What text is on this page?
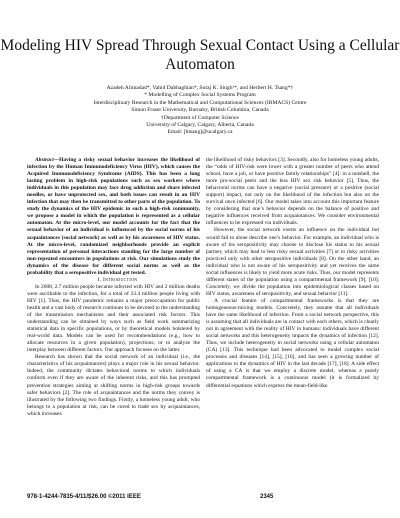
Modeling HIV Spread Through Sexual Contact Using a Cellular Automaton
Azadeh Alimadad*, Vahid Dabbaghian*, Suraj K. Singh¹*, and Herbert H. Tsang*†
* Modelling of Complex Social Systems Program
Interdisciplinary Research in the Mathematical and Computational Sciences (IRMACS) Centre
Simon Fraser University, Burnaby, British Columbia, Canada
†Department of Computer Science
University of Calgary, Calgary, Alberta, Canada
Email: [htsang]@ucalgary.ca

Abstract—Having a risky sexual behavior increases the likelihood of infection by the Human Immunodeficiency Virus (HIV), which causes the Acquired Immunodeficiency Syndrome (AIDS). This has been a long lasting problem in high-risk populations such as sex workers where individuals in this population may face drug addiction and share infected needles, or have unprotected sex, and both issues can result in an HIV infection that may then be transmitted to other parts of the population. To study the dynamics of the HIV epidemic in such a high-risk community, we propose a model in which the population is represented as a cellular automaton. At the micro-level, our model accounts for the fact that the sexual behavior of an individual is influenced by the social norms of his acquaintances (social network) as well as by his awareness of HIV status. At the micro-level, randomized neighborhoods provide an explicit representation of personal interactions standing for the large number of non-repeated encounters in populations at risk. Our simulations study the dynamics of the disease for different social norms as well as the probability that a seropositive individual get tested.

I. Introduction

In 2008, 2.7 million people became infected with HIV and 2 million deaths were ascribable to the infection, for a total of 33.4 million people living with HIV [1]. Thus, the HIV pandemic remains a major preoccupation for public health and a vast body of research continues to be devoted to the understanding of the transmission mechanisms and their associated risk factors. This understanding can be obtained by ways such as field work summarizing statistical data in specific populations, or by theoretical models bolstered by real-world data. Models can be used for recommendations (e.g., how to allocate resources in a given population), projections, or to analyze the interplay between different factors. Our approach focuses on the latter.

Research has shown that the social network of an individual (i.e., the characteristics of his acquaintances) plays a major role in his sexual behavior. Indeed, the community dictates behavioral norms to which individuals conform even if they are aware of the inherent risks, and this has prompted prevention strategies aiming at shifting norms in high-risk groups towards safer behaviors [2]. The role of acquaintances and the norms they convey is illustrated by the following two findings. Firstly, a homeless young adult, who belongs to a population at risk, can be cured to trade sex by acquaintances, which increases

the likelihood of risky behaviors [3]. Secondly, also for homeless young adults, the “odds of HIV-risk were lower with a greater number of peers who attend school, have a job, or have positive family relationships” [4]: in a nutshell, the more pro-social peers and the less HIV sex risk behavior [5]. Thus, the behavioral norms can have a negative (social pressure) or a positive (social support) impact, not only on the likelihood of the infection but also on the survival once infected [6]. Our model takes into account this important feature by considering that one’s behavior depends on the balance of positive and negative influences received from acquaintances. We consider environmental influences to be expressed via individuals.

However, the social network exerts an influence on the individual but would fail to alone describe one’s behavior. For example, an individual who is aware of his seropositivity may choose to disclose his status to his sexual partner, which may lead to less risky sexual activities [7] or to risky activities practiced only with other seropositive individuals [8]. On the other hand, an individual who is not aware of his seropositivity and yet receives the same social influences is likely to yield more acute risks. Thus, our model represents different states of the population using a compartmental framework [9], [10]. Concretely, we divide the population into epidemiological classes based on HIV status, awareness of seropositivity, and sexual behavior [11].

A crucial feature of compartmental frameworks is that they are homogeneous-mixing models. Concretely, they assume that all individuals have the same likelihood of infection. From a social network perspective, this is assuming that all individuals are in contact with each others, which is clearly not in agreement with the reality of HIV in humans: individuals have different social networks and this heterogeneity impacts the dynamics of infection [12]. Thus, we include heterogeneity in social networks using a cellular automaton (CA) [13]. This technique had been advocated to model complex social processes and diseases [14], [15], [16], and has seen a growing number of applications to the dynamics of HIV in the last decade [17], [18]. A side effect of using a CA is that we employ a discrete model, whereas a purely compartmental framework is a continuous model (it is formalized by differential equations which express the mean-field-like

978-1-4244-7835-4/11/$26.00 ©2011 IEEE	2345
